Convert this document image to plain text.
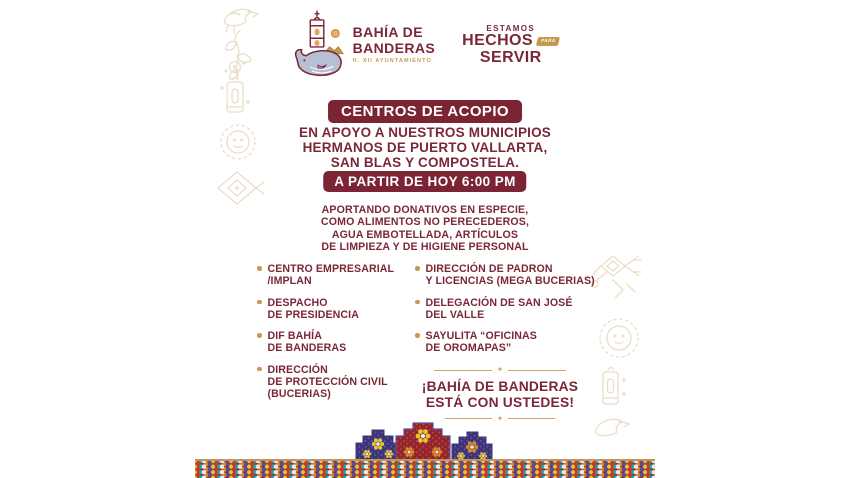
BAHÍA DE
BANDERAS
H. XII AYUNTAMIENTO
ESTAMOS
HECHOS	PARA
SERVIR
CENTROS DE ACOPIO
EN APOYO A NUESTROS MUNICIPIOS
HERMANOS DE PUERTO VALLARTA,
SAN BLAS Y COMPOSTELA.
A PARTIR DE HOY 6:00 PM
APORTANDO DONATIVOS EN ESPECIE,
COMO ALIMENTOS NO PERECEDEROS,
AGUA EMBOTELLADA, ARTÍCULOS
DE LIMPIEZA Y DE HIGIENE PERSONAL
CENTRO EMPRESARIAL
/IMPLAN
DESPACHO
DE PRESIDENCIA
DIF BAHÍA
DE BANDERAS
DIRECCIÓN
DE PROTECCIÓN CIVIL
(BUCERIAS)
DIRECCIÓN DE PADRON
Y LICENCIAS (MEGA BUCERIAS)
DELEGACIÓN DE SAN JOSÉ
DEL VALLE
SAYULITA “OFICINAS
DE OROMAPAS”
✦
¡BAHÍA DE BANDERAS
ESTÁ CON USTEDES!
✦
